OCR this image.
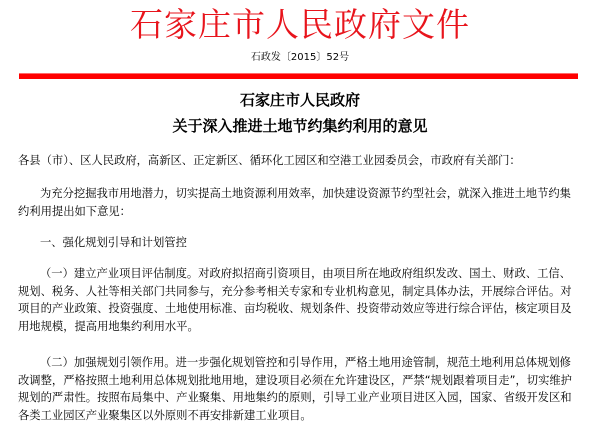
石家庄市人民政府文件
石政发〔2015〕52号
石家庄市人民政府
关于深入推进土地节约集约利用的意见

各县（市）、区人民政府，高新区、正定新区、循环化工园区和空港工业园委员会，市政府有关部门：

为充分挖掘我市用地潜力，切实提高土地资源利用效率，加快建设资源节约型社会，就深入推进土地节约集约利用提出如下意见：

一、强化规划引导和计划管控

（一）建立产业项目评估制度。对政府拟招商引资项目，由项目所在地政府组织发改、国土、财政、工信、规划、税务、人社等相关部门共同参与，充分参考相关专家和专业机构意见，制定具体办法，开展综合评估。对项目的产业政策、投资强度、土地使用标准、亩均税收、规划条件、投资带动效应等进行综合评估，核定项目及用地规模，提高用地集约利用水平。

（二）加强规划引领作用。进一步强化规划管控和引导作用，严格土地用途管制，规范土地利用总体规划修改调整，严格按照土地利用总体规划批地用地，建设项目必须在允许建设区，严禁“规划跟着项目走”，切实维护规划的严肃性。按照布局集中、产业聚集、用地集约的原则，引导工业产业项目进区入园，国家、省级开发区和各类工业园区产业聚集区以外原则不再安排新建工业项目。
